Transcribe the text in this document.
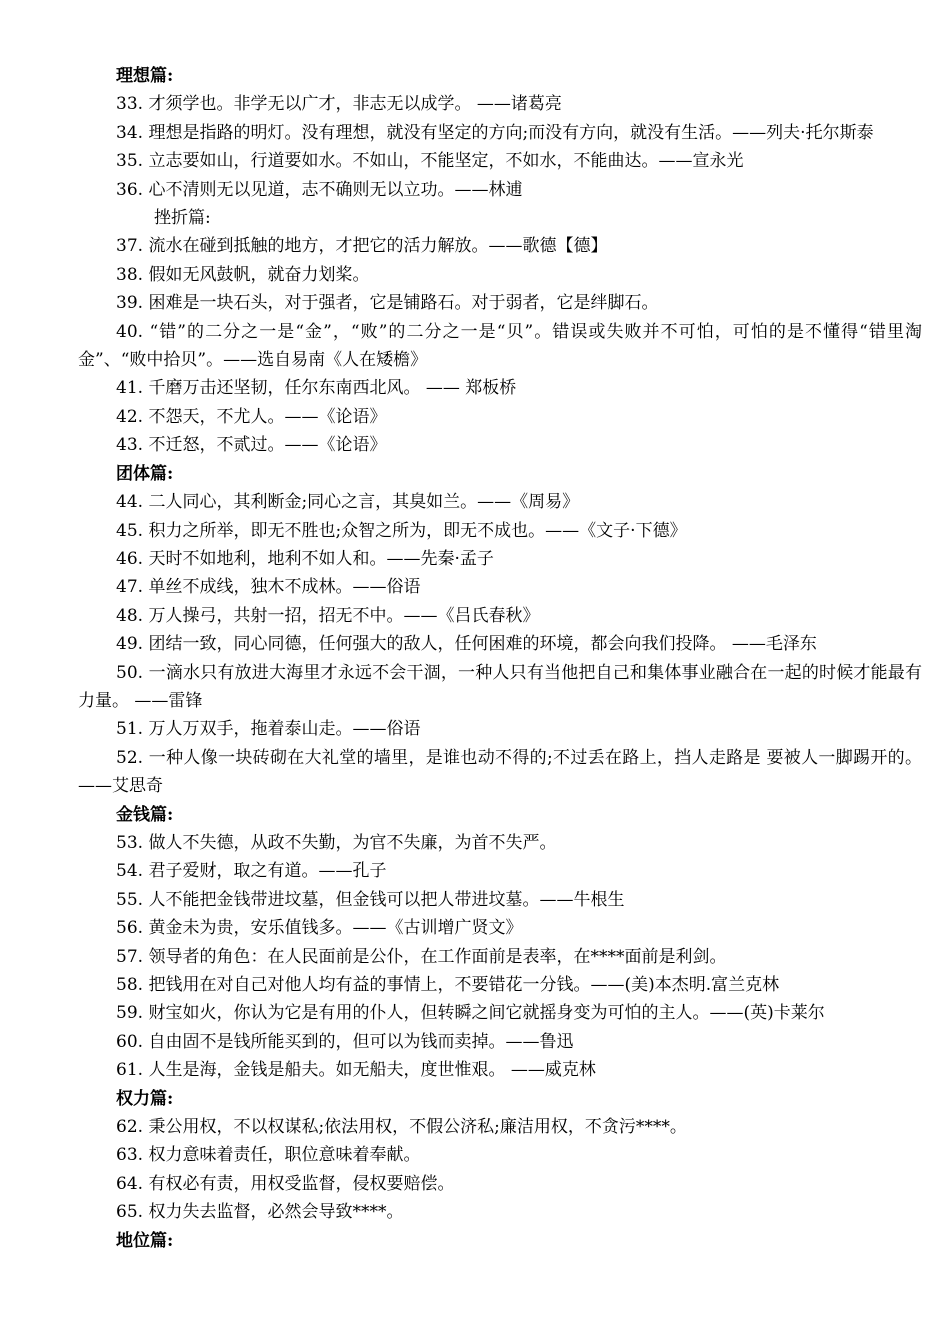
理想篇:
33. 才须学也。非学无以广才，非志无以成学。 ——诸葛亮
34. 理想是指路的明灯。没有理想，就没有坚定的方向;而没有方向，就没有生活。——列夫·托尔斯泰
35. 立志要如山，行道要如水。不如山，不能坚定，不如水，不能曲达。——宣永光
36. 心不清则无以见道，志不确则无以立功。——林逋
挫折篇:
37. 流水在碰到抵触的地方，才把它的活力解放。——歌德【德】
38. 假如无风鼓帆，就奋力划桨。
39. 困难是一块石头，对于强者，它是铺路石。对于弱者，它是绊脚石。
40. “错”的二分之一是“金”，“败”的二分之一是“贝”。错误或失败并不可怕，可怕的是不懂得“错里淘金”、“败中拾贝”。——选自易南《人在矮檐》
41. 千磨万击还坚韧，任尔东南西北风。 —— 郑板桥
42. 不怨天，不尤人。——《论语》
43. 不迁怒，不贰过。——《论语》
团体篇:
44. 二人同心，其利断金;同心之言，其臭如兰。——《周易》
45. 积力之所举，即无不胜也;众智之所为，即无不成也。——《文子·下德》
46. 天时不如地利，地利不如人和。——先秦·孟子
47. 单丝不成线，独木不成林。——俗语
48. 万人操弓，共射一招，招无不中。——《吕氏春秋》
49. 团结一致，同心同德，任何强大的敌人，任何困难的环境，都会向我们投降。 ——毛泽东
50. 一滴水只有放进大海里才永远不会干涸，一种人只有当他把自己和集体事业融合在一起的时候才能最有力量。 ——雷锋
51. 万人万双手，拖着泰山走。——俗语
52. 一种人像一块砖砌在大礼堂的墙里，是谁也动不得的;不过丢在路上，挡人走路是 要被人一脚踢开的。——艾思奇
金钱篇:
53. 做人不失德，从政不失勤，为官不失廉，为首不失严。
54. 君子爱财，取之有道。——孔子
55. 人不能把金钱带进坟墓，但金钱可以把人带进坟墓。——牛根生
56. 黄金未为贵，安乐值钱多。——《古训增广贤文》
57. 领导者的角色：在人民面前是公仆，在工作面前是表率，在****面前是利剑。
58. 把钱用在对自己对他人均有益的事情上，不要错花一分钱。——(美)本杰明.富兰克林
59. 财宝如火，你认为它是有用的仆人，但转瞬之间它就摇身变为可怕的主人。——(英)卡莱尔
60. 自由固不是钱所能买到的，但可以为钱而卖掉。——鲁迅
61. 人生是海，金钱是船夫。如无船夫，度世惟艰。 ——威克林
权力篇:
62. 秉公用权，不以权谋私;依法用权，不假公济私;廉洁用权，不贪污****。
63. 权力意味着责任，职位意味着奉献。
64. 有权必有责，用权受监督，侵权要赔偿。
65. 权力失去监督，必然会导致****。
地位篇:
